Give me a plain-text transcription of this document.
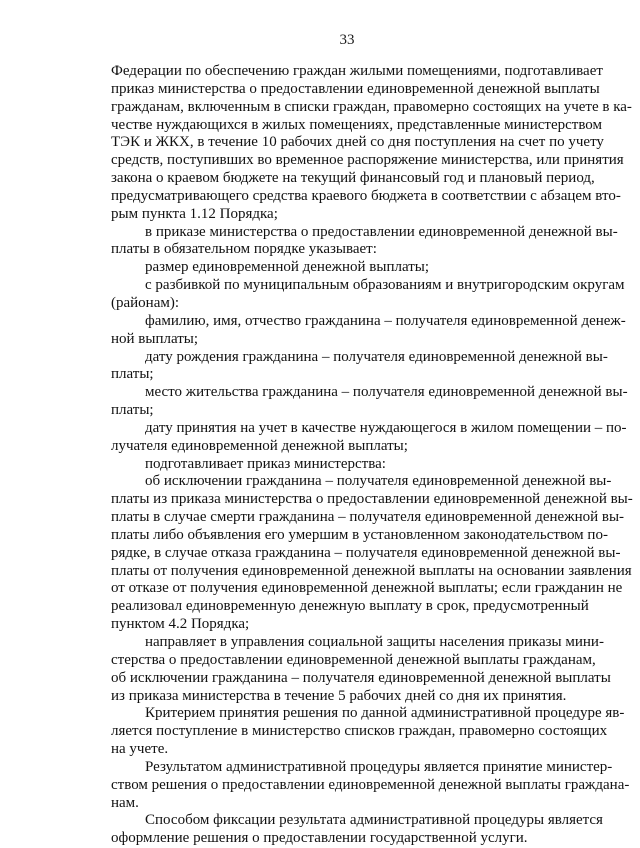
33
Федерации по обеспечению граждан жилыми помещениями, подготавливает
приказ министерства о предоставлении единовременной денежной выплаты
гражданам, включенным в списки граждан, правомерно состоящих на учете в ка-
честве нуждающихся в жилых помещениях, представленные министерством
ТЭК и ЖКХ, в течение 10 рабочих дней со дня поступления на счет по учету
средств, поступивших во временное распоряжение министерства, или принятия
закона о краевом бюджете на текущий финансовый год и плановый период,
предусматривающего средства краевого бюджета в соответствии с абзацем вто-
рым пункта 1.12 Порядка;
в приказе министерства о предоставлении единовременной денежной вы-
платы в обязательном порядке указывает:
размер единовременной денежной выплаты;
с разбивкой по муниципальным образованиям и внутригородским округам
(районам):
фамилию, имя, отчество гражданина – получателя единовременной денеж-
ной выплаты;
дату рождения гражданина – получателя единовременной денежной вы-
платы;
место жительства гражданина – получателя единовременной денежной вы-
платы;
дату принятия на учет в качестве нуждающегося в жилом помещении – по-
лучателя единовременной денежной выплаты;
подготавливает приказ министерства:
об исключении гражданина – получателя единовременной денежной вы-
платы из приказа министерства о предоставлении единовременной денежной вы-
платы в случае смерти гражданина – получателя единовременной денежной вы-
платы либо объявления его умершим в установленном законодательством по-
рядке, в случае отказа гражданина – получателя единовременной денежной вы-
платы от получения единовременной денежной выплаты на основании заявления
от отказе от получения единовременной денежной выплаты; если гражданин не
реализовал единовременную денежную выплату в срок, предусмотренный
пунктом 4.2 Порядка;
направляет в управления социальной защиты населения приказы мини-
стерства о предоставлении единовременной денежной выплаты гражданам,
об исключении гражданина – получателя единовременной денежной выплаты
из приказа министерства в течение 5 рабочих дней со дня их принятия.
Критерием принятия решения по данной административной процедуре яв-
ляется поступление в министерство списков граждан, правомерно состоящих
на учете.
Результатом административной процедуры является принятие министер-
ством решения о предоставлении единовременной денежной выплаты граждана-
нам.
Способом фиксации результата административной процедуры является
оформление решения о предоставлении государственной услуги.
